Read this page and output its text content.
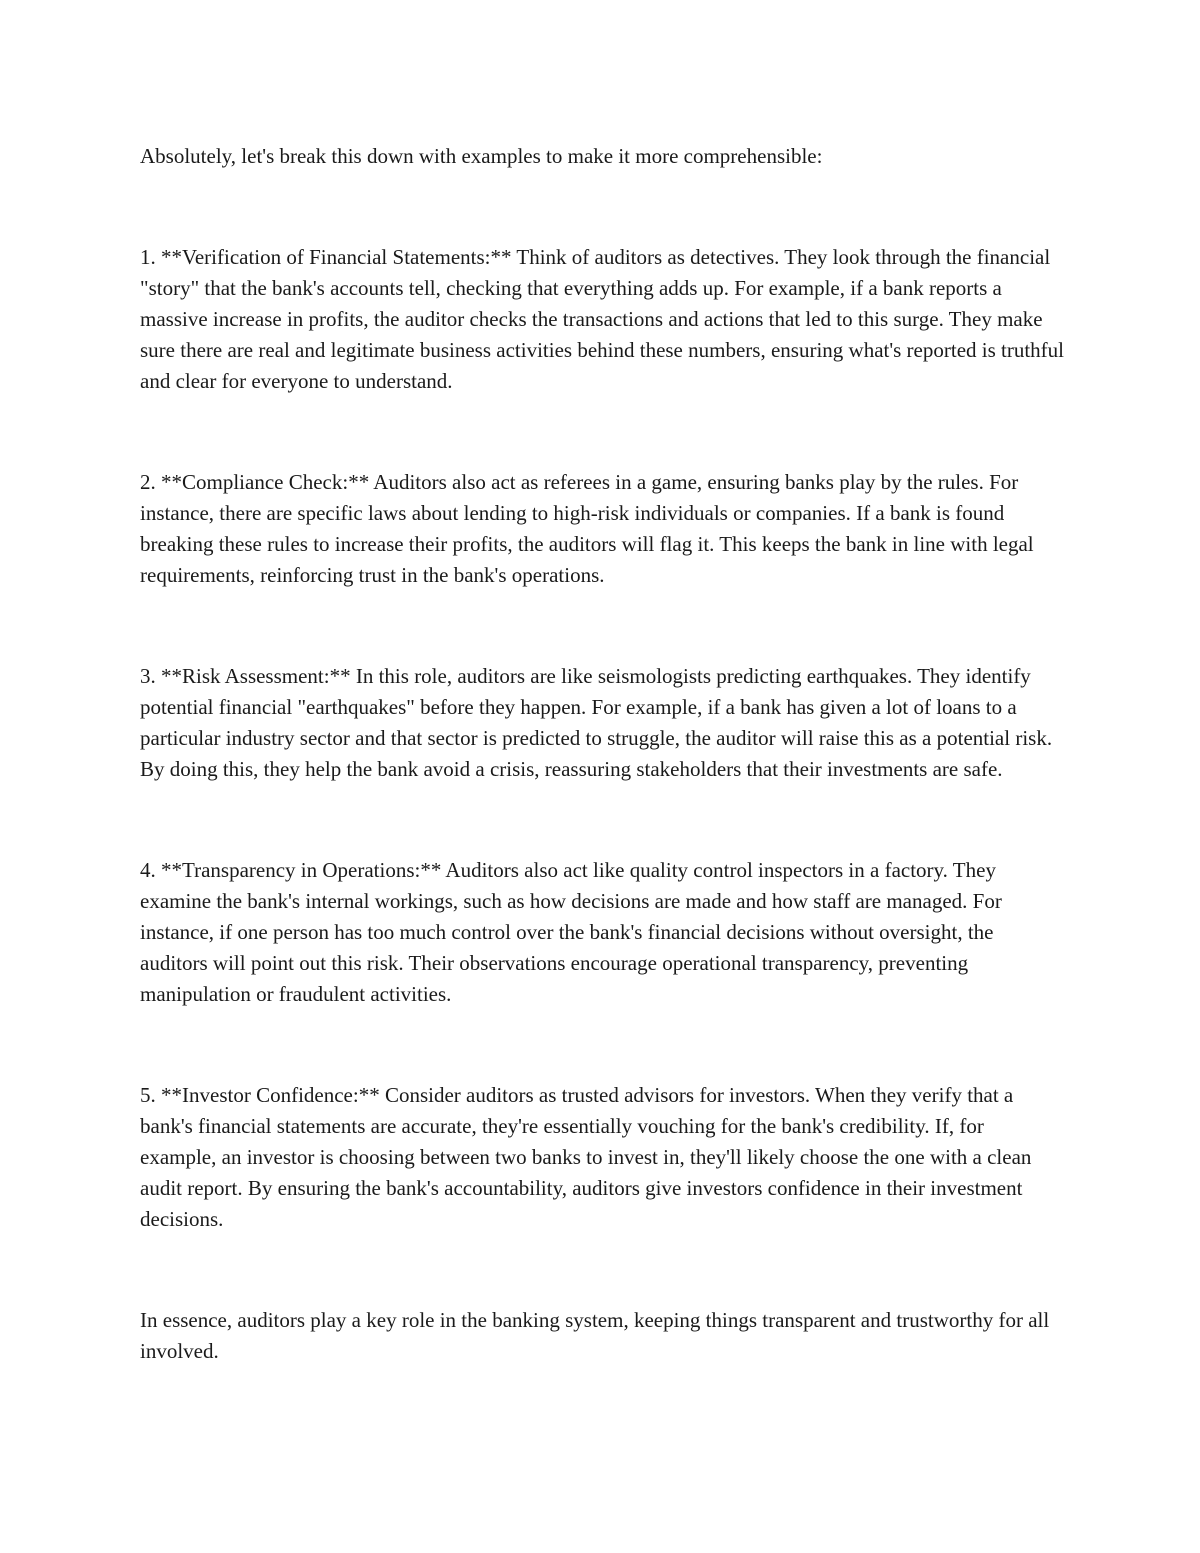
Absolutely, let's break this down with examples to make it more comprehensible:

1. **Verification of Financial Statements:** Think of auditors as detectives. They look through the financial "story" that the bank's accounts tell, checking that everything adds up. For example, if a bank reports a massive increase in profits, the auditor checks the transactions and actions that led to this surge. They make sure there are real and legitimate business activities behind these numbers, ensuring what's reported is truthful and clear for everyone to understand.

2. **Compliance Check:** Auditors also act as referees in a game, ensuring banks play by the rules. For instance, there are specific laws about lending to high-risk individuals or companies. If a bank is found breaking these rules to increase their profits, the auditors will flag it. This keeps the bank in line with legal requirements, reinforcing trust in the bank's operations.

3. **Risk Assessment:** In this role, auditors are like seismologists predicting earthquakes. They identify potential financial "earthquakes" before they happen. For example, if a bank has given a lot of loans to a particular industry sector and that sector is predicted to struggle, the auditor will raise this as a potential risk. By doing this, they help the bank avoid a crisis, reassuring stakeholders that their investments are safe.

4. **Transparency in Operations:** Auditors also act like quality control inspectors in a factory. They examine the bank's internal workings, such as how decisions are made and how staff are managed. For instance, if one person has too much control over the bank's financial decisions without oversight, the auditors will point out this risk. Their observations encourage operational transparency, preventing manipulation or fraudulent activities.

5. **Investor Confidence:** Consider auditors as trusted advisors for investors. When they verify that a bank's financial statements are accurate, they're essentially vouching for the bank's credibility. If, for example, an investor is choosing between two banks to invest in, they'll likely choose the one with a clean audit report. By ensuring the bank's accountability, auditors give investors confidence in their investment decisions.

In essence, auditors play a key role in the banking system, keeping things transparent and trustworthy for all involved.
